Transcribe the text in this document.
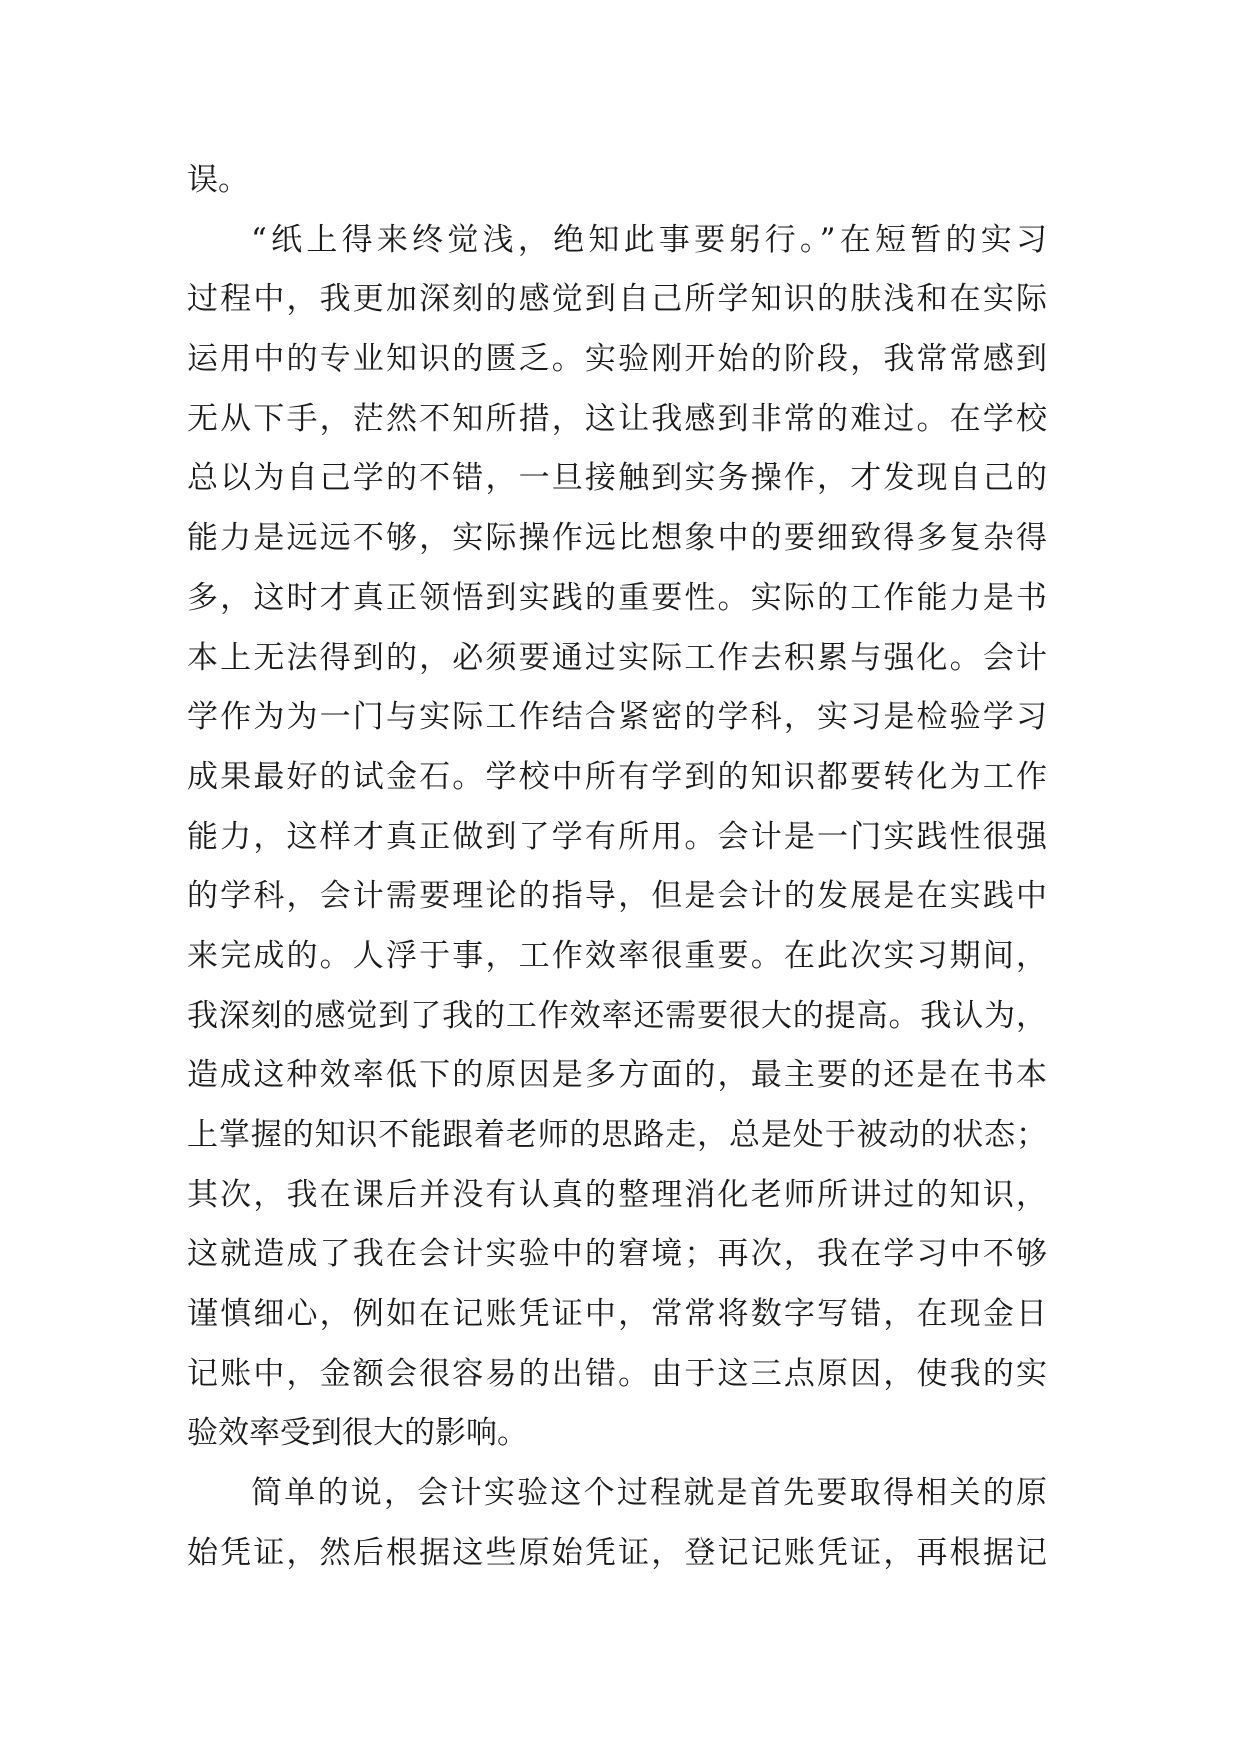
误。
“纸上得来终觉浅，绝知此事要躬行。”在短暂的实习
过程中，我更加深刻的感觉到自己所学知识的肤浅和在实际
运用中的专业知识的匮乏。实验刚开始的阶段，我常常感到
无从下手，茫然不知所措，这让我感到非常的难过。在学校
总以为自己学的不错，一旦接触到实务操作，才发现自己的
能力是远远不够，实际操作远比想象中的要细致得多复杂得
多，这时才真正领悟到实践的重要性。实际的工作能力是书
本上无法得到的，必须要通过实际工作去积累与强化。会计
学作为为一门与实际工作结合紧密的学科，实习是检验学习
成果最好的试金石。学校中所有学到的知识都要转化为工作
能力，这样才真正做到了学有所用。会计是一门实践性很强
的学科，会计需要理论的指导，但是会计的发展是在实践中
来完成的。人浮于事，工作效率很重要。在此次实习期间，
我深刻的感觉到了我的工作效率还需要很大的提高。我认为，
造成这种效率低下的原因是多方面的，最主要的还是在书本
上掌握的知识不能跟着老师的思路走，总是处于被动的状态；
其次，我在课后并没有认真的整理消化老师所讲过的知识，
这就造成了我在会计实验中的窘境；再次，我在学习中不够
谨慎细心，例如在记账凭证中，常常将数字写错，在现金日
记账中，金额会很容易的出错。由于这三点原因，使我的实
验效率受到很大的影响。
简单的说，会计实验这个过程就是首先要取得相关的原
始凭证，然后根据这些原始凭证，登记记账凭证，再根据记
